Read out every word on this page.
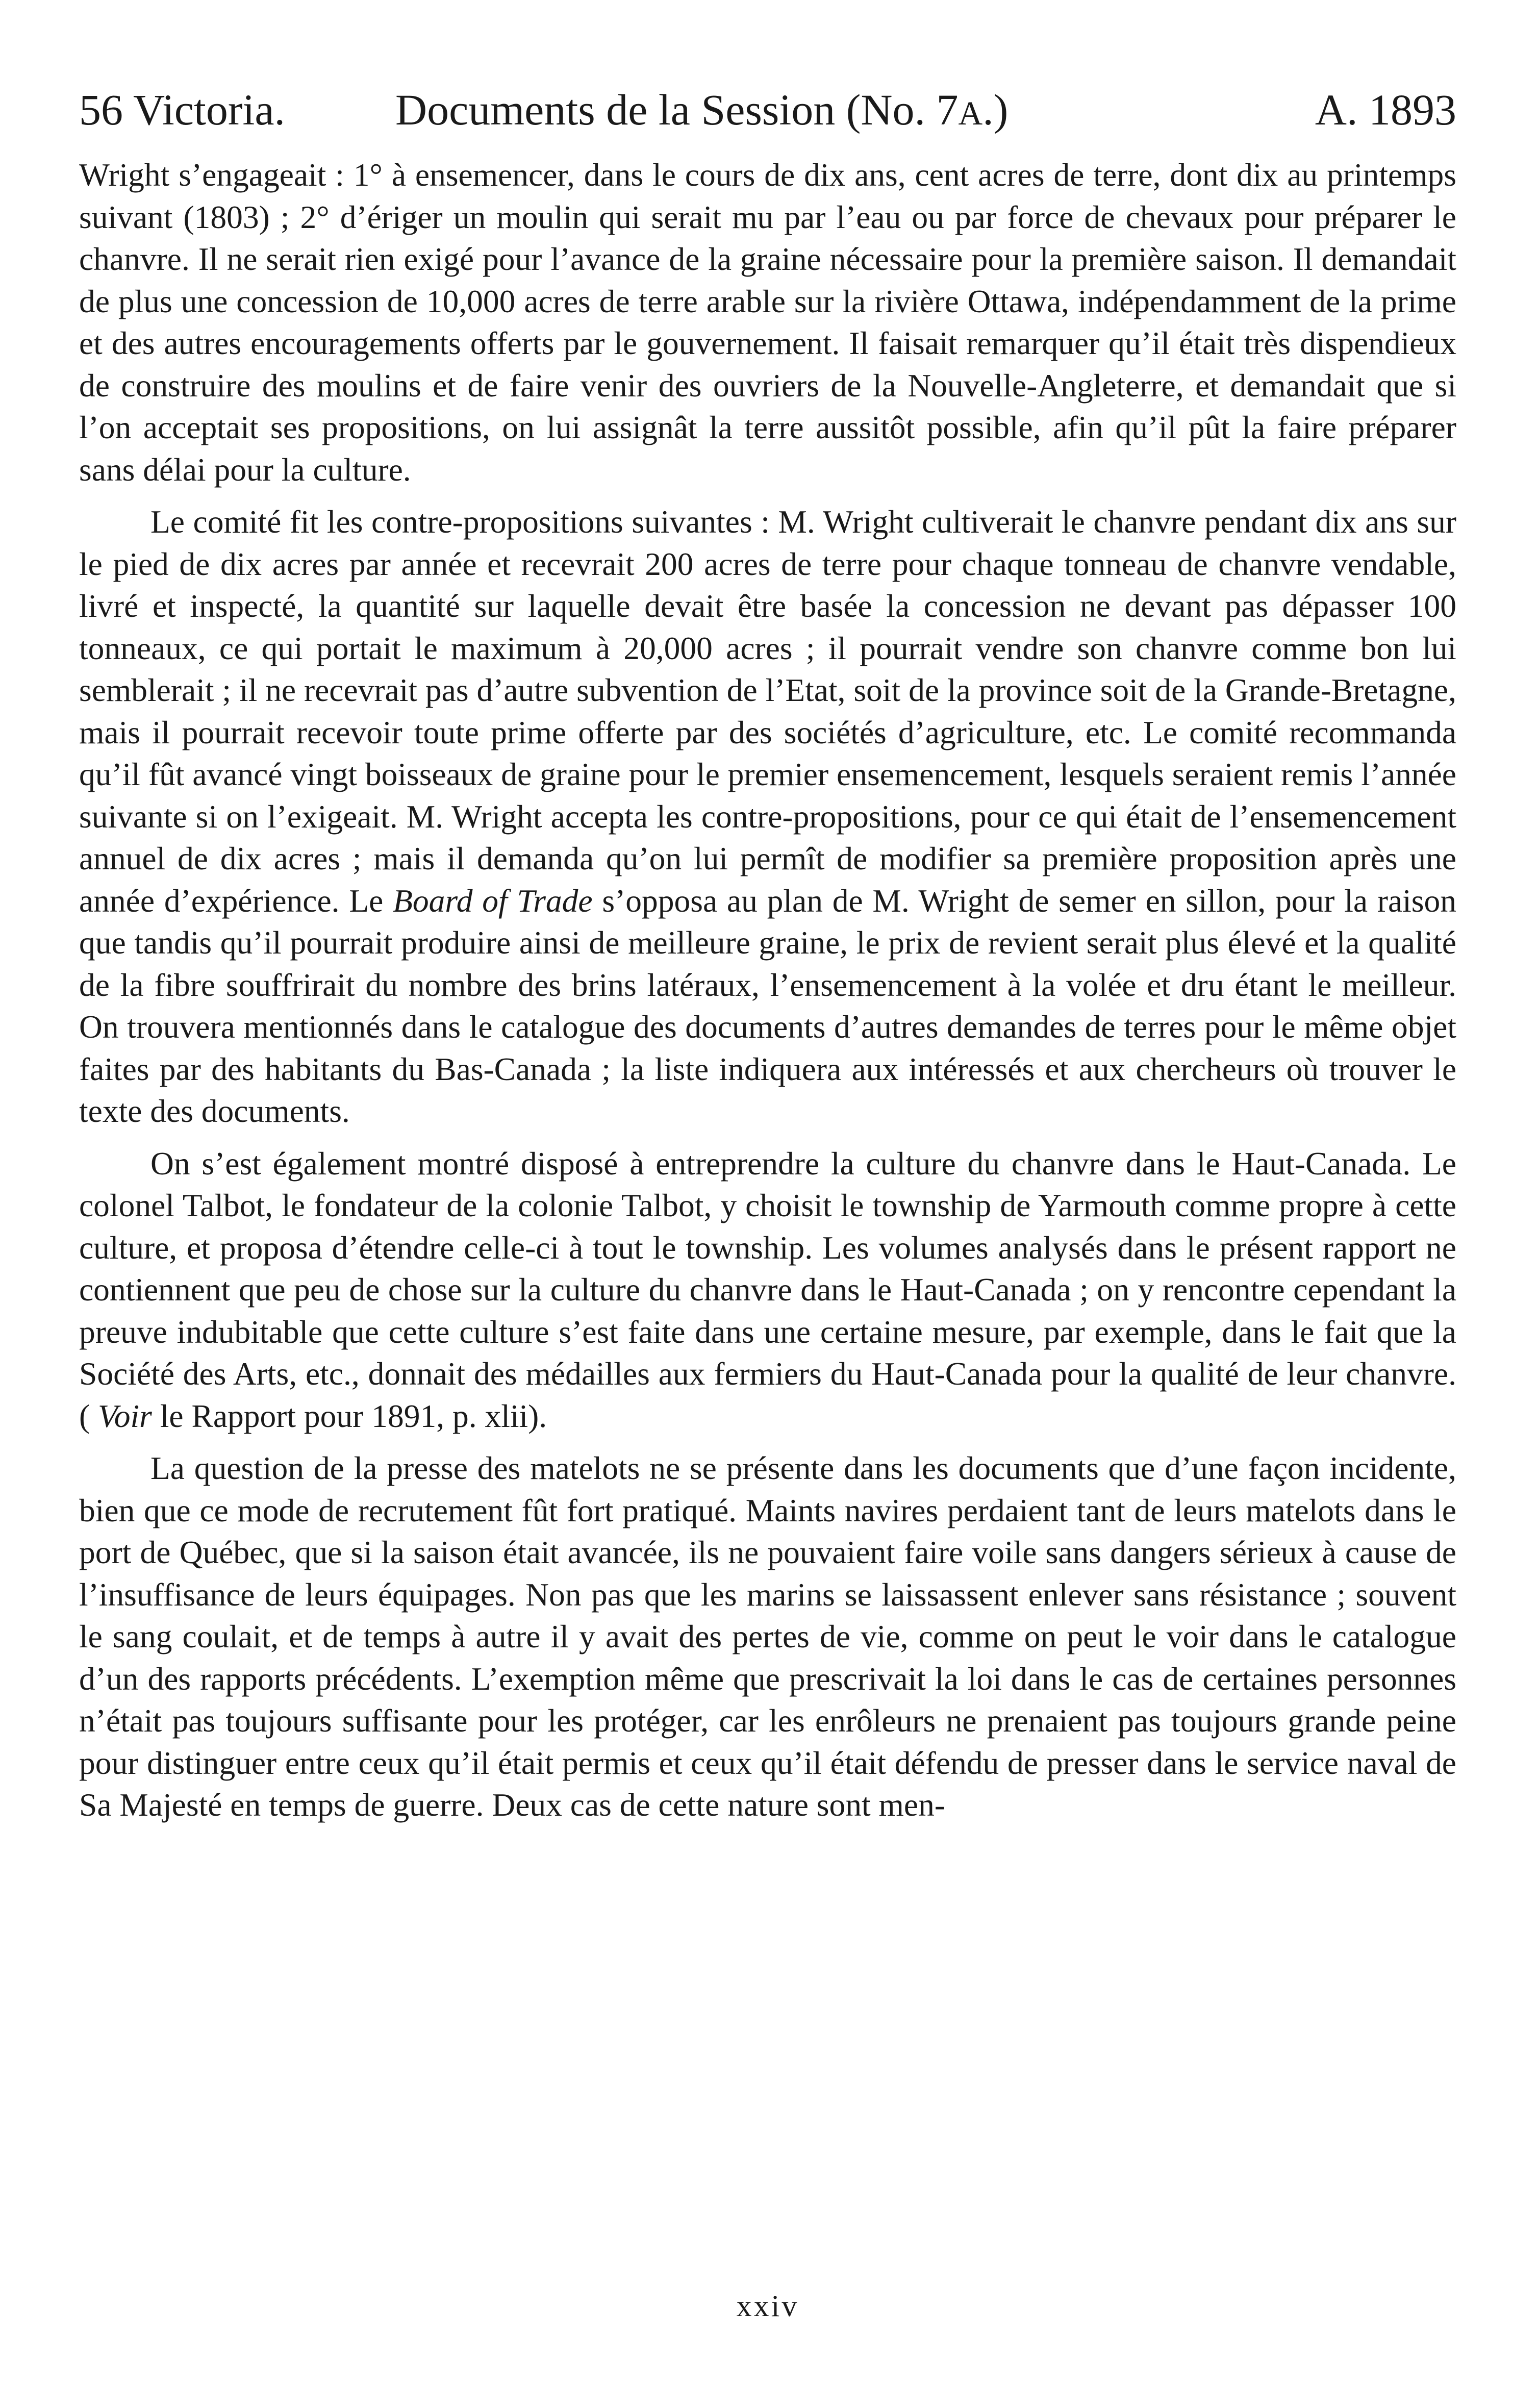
56 Victoria.	Documents de la Session (No. 7A.)	A. 1893

Wright s’engageait : 1° à ensemencer, dans le cours de dix ans, cent acres de terre, dont dix au printemps suivant (1803) ; 2° d’ériger un moulin qui serait mu par l’eau ou par force de chevaux pour préparer le chanvre. Il ne serait rien exigé pour l’avance de la graine nécessaire pour la première saison. Il demandait de plus une concession de 10,000 acres de terre arable sur la rivière Ottawa, indépendamment de la prime et des autres encouragements offerts par le gouvernement. Il faisait remarquer qu’il était très dispendieux de construire des moulins et de faire venir des ouvriers de la Nouvelle-Angleterre, et demandait que si l’on acceptait ses propositions, on lui assignât la terre aussitôt possible, afin qu’il pût la faire préparer sans délai pour la culture.

Le comité fit les contre-propositions suivantes : M. Wright cultiverait le chanvre pendant dix ans sur le pied de dix acres par année et recevrait 200 acres de terre pour chaque tonneau de chanvre vendable, livré et inspecté, la quantité sur laquelle devait être basée la concession ne devant pas dépasser 100 tonneaux, ce qui portait le maximum à 20,000 acres ; il pourrait vendre son chanvre comme bon lui semblerait ; il ne recevrait pas d’autre subvention de l’Etat, soit de la province soit de la Grande-Bretagne, mais il pourrait recevoir toute prime offerte par des sociétés d’agriculture, etc. Le comité recommanda qu’il fût avancé vingt boisseaux de graine pour le premier ensemencement, lesquels seraient remis l’année suivante si on l’exigeait. M. Wright accepta les contre-propositions, pour ce qui était de l’ensemencement annuel de dix acres ; mais il demanda qu’on lui permît de modifier sa première proposition après une année d’expérience. Le Board of Trade s’opposa au plan de M. Wright de semer en sillon, pour la raison que tandis qu’il pourrait produire ainsi de meilleure graine, le prix de revient serait plus élevé et la qualité de la fibre souffrirait du nombre des brins latéraux, l’ensemencement à la volée et dru étant le meilleur. On trouvera mentionnés dans le catalogue des documents d’autres demandes de terres pour le même objet faites par des habitants du Bas-Canada ; la liste indiquera aux intéressés et aux chercheurs où trouver le texte des documents.

On s’est également montré disposé à entreprendre la culture du chanvre dans le Haut-Canada. Le colonel Talbot, le fondateur de la colonie Talbot, y choisit le township de Yarmouth comme propre à cette culture, et proposa d’étendre celle-ci à tout le township. Les volumes analysés dans le présent rapport ne contiennent que peu de chose sur la culture du chanvre dans le Haut-Canada ; on y rencontre cependant la preuve indubitable que cette culture s’est faite dans une certaine mesure, par exemple, dans le fait que la Société des Arts, etc., donnait des médailles aux fermiers du Haut-Canada pour la qualité de leur chanvre. ( Voir le Rapport pour 1891, p. xlii).

La question de la presse des matelots ne se présente dans les documents que d’une façon incidente, bien que ce mode de recrutement fût fort pratiqué. Maints navires perdaient tant de leurs matelots dans le port de Québec, que si la saison était avancée, ils ne pouvaient faire voile sans dangers sérieux à cause de l’insuffisance de leurs équipages. Non pas que les marins se laissassent enlever sans résistance ; souvent le sang coulait, et de temps à autre il y avait des pertes de vie, comme on peut le voir dans le catalogue d’un des rapports précédents. L’exemption même que prescrivait la loi dans le cas de certaines personnes n’était pas toujours suffisante pour les protéger, car les enrôleurs ne prenaient pas toujours grande peine pour distinguer entre ceux qu’il était permis et ceux qu’il était défendu de presser dans le service naval de Sa Majesté en temps de guerre. Deux cas de cette nature sont men-

xxiv
